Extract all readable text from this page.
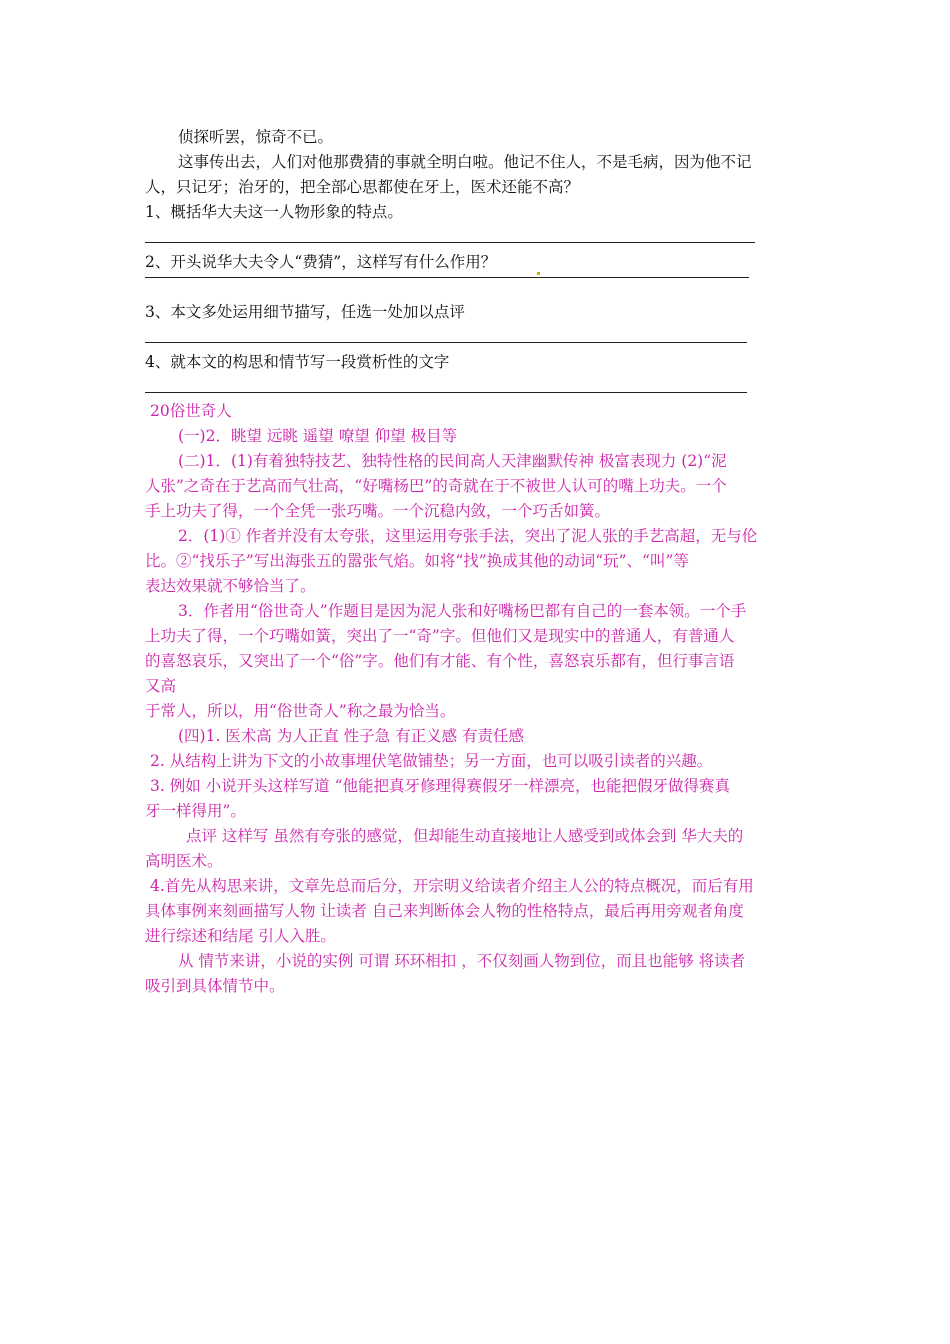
侦探听罢，惊奇不已。
这事传出去，人们对他那费猜的事就全明白啦。他记不住人，不是毛病，因为他不记
人，只记牙；治牙的，把全部心思都使在牙上，医术还能不高？
1、概括华大夫这一人物形象的特点。
2、开头说华大夫令人“费猜”，这样写有什么作用？
3、本文多处运用细节描写，任选一处加以点评
4、就本文的构思和情节写一段赏析性的文字
20俗世奇人
(一)2．眺望 远眺 遥望 嘹望 仰望 极目等
(二)1．(1)有着独特技艺、独特性格的民间高人天津幽默传神 极富表现力 (2)“泥
人张”之奇在于艺高而气壮高，“好嘴杨巴”的奇就在于不被世人认可的嘴上功夫。一个
手上功夫了得，一个全凭一张巧嘴。一个沉稳内敛，一个巧舌如簧。
2．(1)① 作者并没有太夸张，这里运用夸张手法，突出了泥人张的手艺高超，无与伦
比。②“找乐子”写出海张五的嚣张气焰。如将“找”换成其他的动词“玩”、“叫”等
表达效果就不够恰当了。
3．作者用“俗世奇人”作题目是因为泥人张和好嘴杨巴都有自己的一套本领。一个手
上功夫了得，一个巧嘴如簧，突出了一“奇”字。但他们又是现实中的普通人，有普通人
的喜怒哀乐，又突出了一个“俗”字。他们有才能、有个性，喜怒哀乐都有，但行事言语
又高
于常人，所以，用“俗世奇人”称之最为恰当。
(四)1. 医术高 为人正直 性子急 有正义感 有责任感
2. 从结构上讲为下文的小故事埋伏笔做铺垫；另一方面，也可以吸引读者的兴趣。
3. 例如 小说开头这样写道 “他能把真牙修理得赛假牙一样漂亮，也能把假牙做得赛真
牙一样得用”。
点评 这样写 虽然有夸张的感觉，但却能生动直接地让人感受到或体会到 华大夫的
高明医术。
4.首先从构思来讲，文章先总而后分，开宗明义给读者介绍主人公的特点概况，而后有用
具体事例来刻画描写人物 让读者 自己来判断体会人物的性格特点，最后再用旁观者角度
进行综述和结尾 引人入胜。
从 情节来讲，小说的实例 可谓 环环相扣 ，不仅刻画人物到位，而且也能够 将读者
吸引到具体情节中。
